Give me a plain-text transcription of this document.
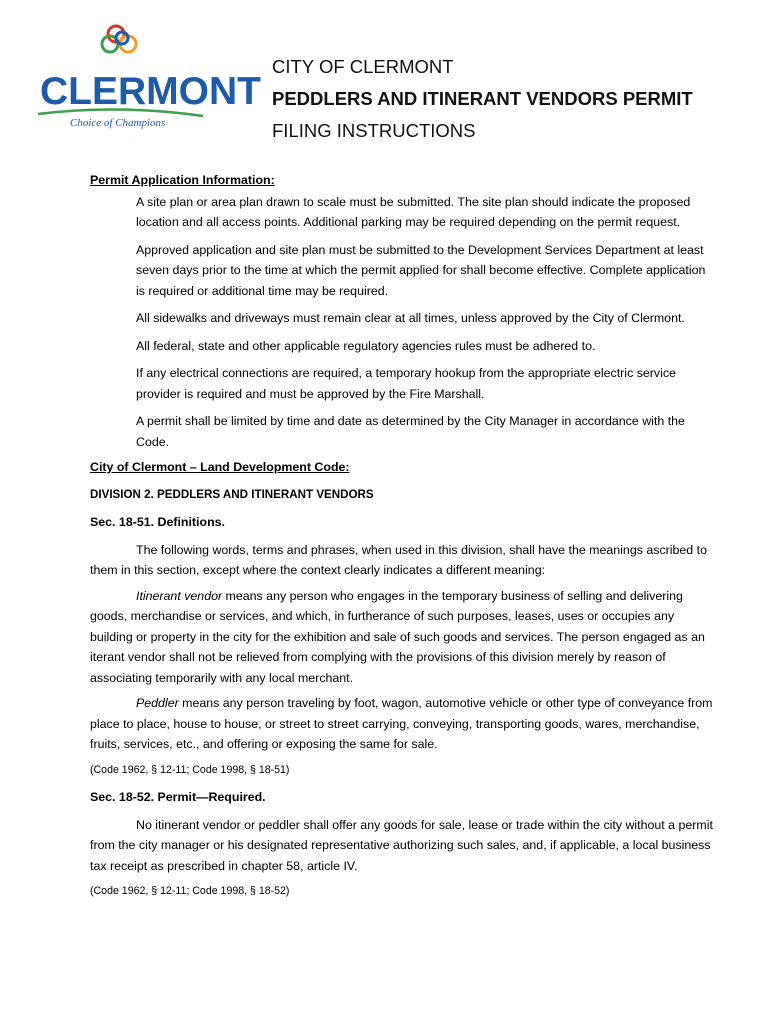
CLERMONT
Choice of Champions
CITY OF CLERMONT
PEDDLERS AND ITINERANT VENDORS PERMIT
FILING INSTRUCTIONS

Permit Application Information:

A site plan or area plan drawn to scale must be submitted. The site plan should indicate the proposed location and all access points. Additional parking may be required depending on the permit request.

Approved application and site plan must be submitted to the Development Services Department at least seven days prior to the time at which the permit applied for shall become effective. Complete application is required or additional time may be required.

All sidewalks and driveways must remain clear at all times, unless approved by the City of Clermont.

All federal, state and other applicable regulatory agencies rules must be adhered to.

If any electrical connections are required, a temporary hookup from the appropriate electric service provider is required and must be approved by the Fire Marshall.

A permit shall be limited by time and date as determined by the City Manager in accordance with the Code.

City of Clermont – Land Development Code:

DIVISION 2. PEDDLERS AND ITINERANT VENDORS

Sec. 18-51. Definitions.

The following words, terms and phrases, when used in this division, shall have the meanings ascribed to them in this section, except where the context clearly indicates a different meaning:

Itinerant vendor means any person who engages in the temporary business of selling and delivering goods, merchandise or services, and which, in furtherance of such purposes, leases, uses or occupies any building or property in the city for the exhibition and sale of such goods and services. The person engaged as an iterant vendor shall not be relieved from complying with the provisions of this division merely by reason of associating temporarily with any local merchant.

Peddler means any person traveling by foot, wagon, automotive vehicle or other type of conveyance from place to place, house to house, or street to street carrying, conveying, transporting goods, wares, merchandise, fruits, services, etc., and offering or exposing the same for sale.

(Code 1962, § 12-11; Code 1998, § 18-51)

Sec. 18-52. Permit—Required.

No itinerant vendor or peddler shall offer any goods for sale, lease or trade within the city without a permit from the city manager or his designated representative authorizing such sales, and, if applicable, a local business tax receipt as prescribed in chapter 58, article IV.

(Code 1962, § 12-11; Code 1998, § 18-52)
